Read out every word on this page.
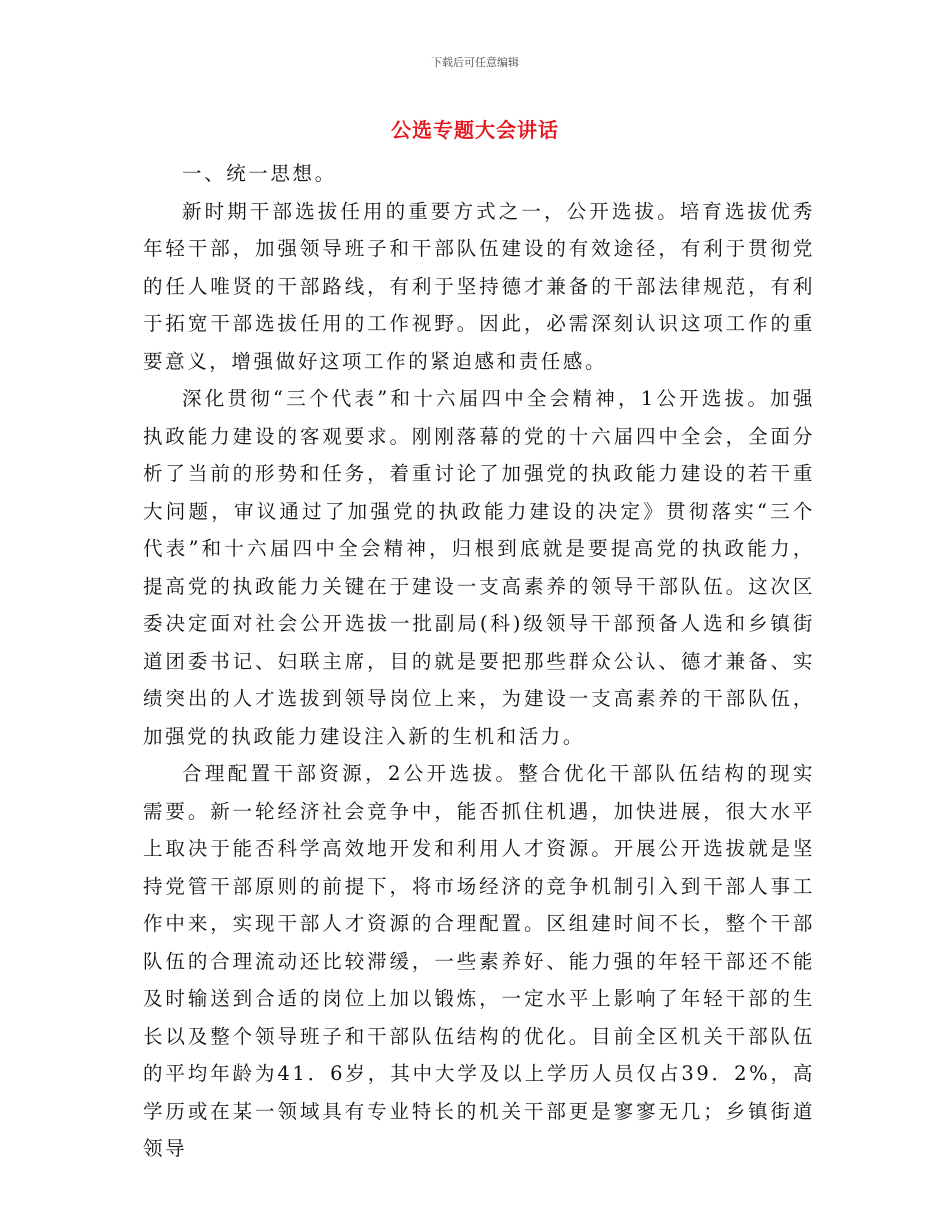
下载后可任意编辑
公选专题大会讲话

一、统一思想。

新时期干部选拔任用的重要方式之一，公开选拔。培育选拔优秀年轻干部，加强领导班子和干部队伍建设的有效途径，有利于贯彻党的任人唯贤的干部路线，有利于坚持德才兼备的干部法律规范，有利于拓宽干部选拔任用的工作视野。因此，必需深刻认识这项工作的重要意义，增强做好这项工作的紧迫感和责任感。

深化贯彻“三个代表”和十六届四中全会精神，1公开选拔。加强执政能力建设的客观要求。刚刚落幕的党的十六届四中全会，全面分析了当前的形势和任务，着重讨论了加强党的执政能力建设的若干重大问题，审议通过了加强党的执政能力建设的决定》贯彻落实“三个代表”和十六届四中全会精神，归根到底就是要提高党的执政能力，提高党的执政能力关键在于建设一支高素养的领导干部队伍。这次区委决定面对社会公开选拔一批副局(科)级领导干部预备人选和乡镇街道团委书记、妇联主席，目的就是要把那些群众公认、德才兼备、实绩突出的人才选拔到领导岗位上来，为建设一支高素养的干部队伍，加强党的执政能力建设注入新的生机和活力。

合理配置干部资源，2公开选拔。整合优化干部队伍结构的现实需要。新一轮经济社会竞争中，能否抓住机遇，加快进展，很大水平上取决于能否科学高效地开发和利用人才资源。开展公开选拔就是坚持党管干部原则的前提下，将市场经济的竞争机制引入到干部人事工作中来，实现干部人才资源的合理配置。区组建时间不长，整个干部队伍的合理流动还比较滞缓，一些素养好、能力强的年轻干部还不能及时输送到合适的岗位上加以锻炼，一定水平上影响了年轻干部的生长以及整个领导班子和干部队伍结构的优化。目前全区机关干部队伍的平均年龄为41．6岁，其中大学及以上学历人员仅占39．2%，高学历或在某一领域具有专业特长的机关干部更是寥寥无几；乡镇街道领导
